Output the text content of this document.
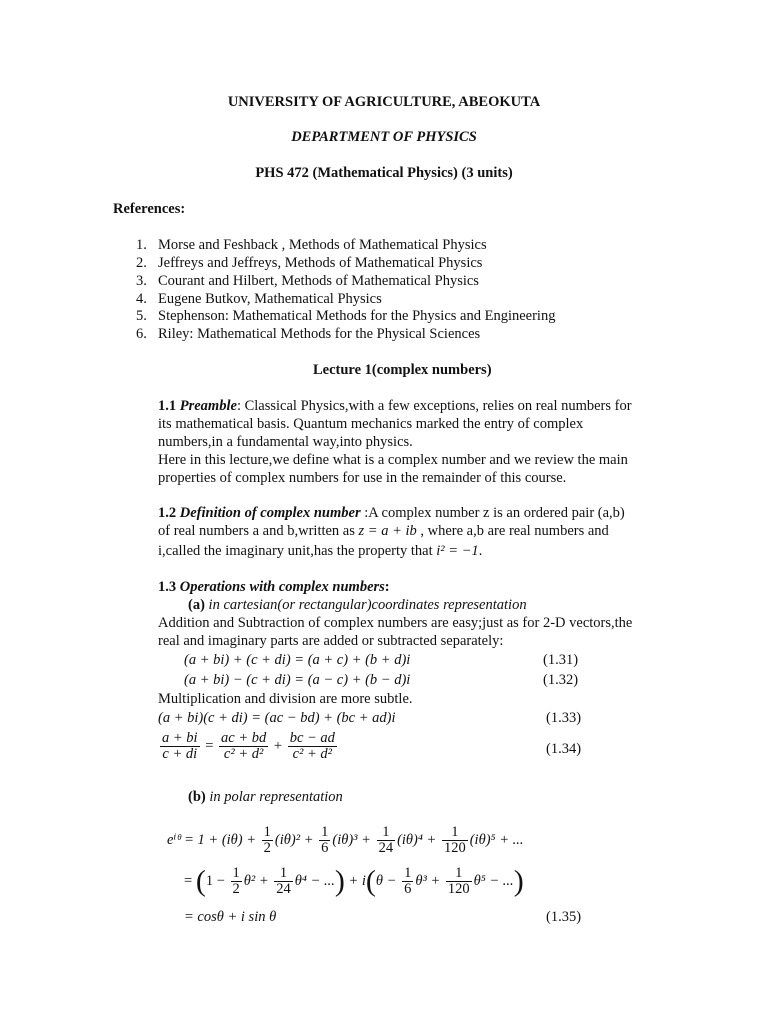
UNIVERSITY OF AGRICULTURE, ABEOKUTA
DEPARTMENT OF PHYSICS
PHS 472 (Mathematical Physics) (3 units)
References:
1. Morse and Feshback , Methods of Mathematical Physics
2. Jeffreys and Jeffreys, Methods of Mathematical Physics
3. Courant and Hilbert, Methods of Mathematical Physics
4. Eugene Butkov, Mathematical Physics
5. Stephenson: Mathematical Methods for the Physics and Engineering
6. Riley: Mathematical Methods for the Physical Sciences
Lecture 1(complex numbers)
1.1 Preamble: Classical Physics,with a few exceptions, relies on real numbers for
its mathematical basis. Quantum mechanics marked the entry of complex
numbers,in a fundamental way,into physics.
Here in this lecture,we define what is a complex number and we review the main
properties of complex numbers for use in the remainder of this course.
1.2 Definition of complex number :A complex number z is an ordered pair (a,b)
of real numbers a and b,written as z = a + ib , where a,b are real numbers and
i,called the imaginary unit,has the property that i² = −1.
1.3 Operations with complex numbers:
(a) in cartesian(or rectangular)coordinates representation
Addition and Subtraction of complex numbers are easy;just as for 2-D vectors,the
real and imaginary parts are added or subtracted separately:
(a + bi) + (c + di) = (a + c) + (b + d)i	(1.31)
(a + bi) − (c + di) = (a − c) + (b − d)i	(1.32)
Multiplication and division are more subtle.
(a + bi)(c + di) = (ac − bd) + (bc + ad)i	(1.33)
$\frac{a + bi}{c + di} = \frac{ac + bd}{\text{c² + d²}} + \frac{bc - ad}{\text{c² + d²}}$	(1.34)
(b) in polar representation
eⁱᶿ = $1 + (i\theta) + \frac{1}{2} (i\theta)^2 + \frac{1}{6} (i\theta)^3 + \frac{1}{24} (i\theta)^4 + \frac{1}{120} (i\theta)^5$ + ...
= ($1 - \frac{1}{2} \theta^2 + \frac{1}{24} \theta^4$ − ...) + $i(\theta - \frac{1}{6} \theta^3 + \frac{1}{120} \theta^5$ − ...)
= cosθ + i sin θ	(1.35)
